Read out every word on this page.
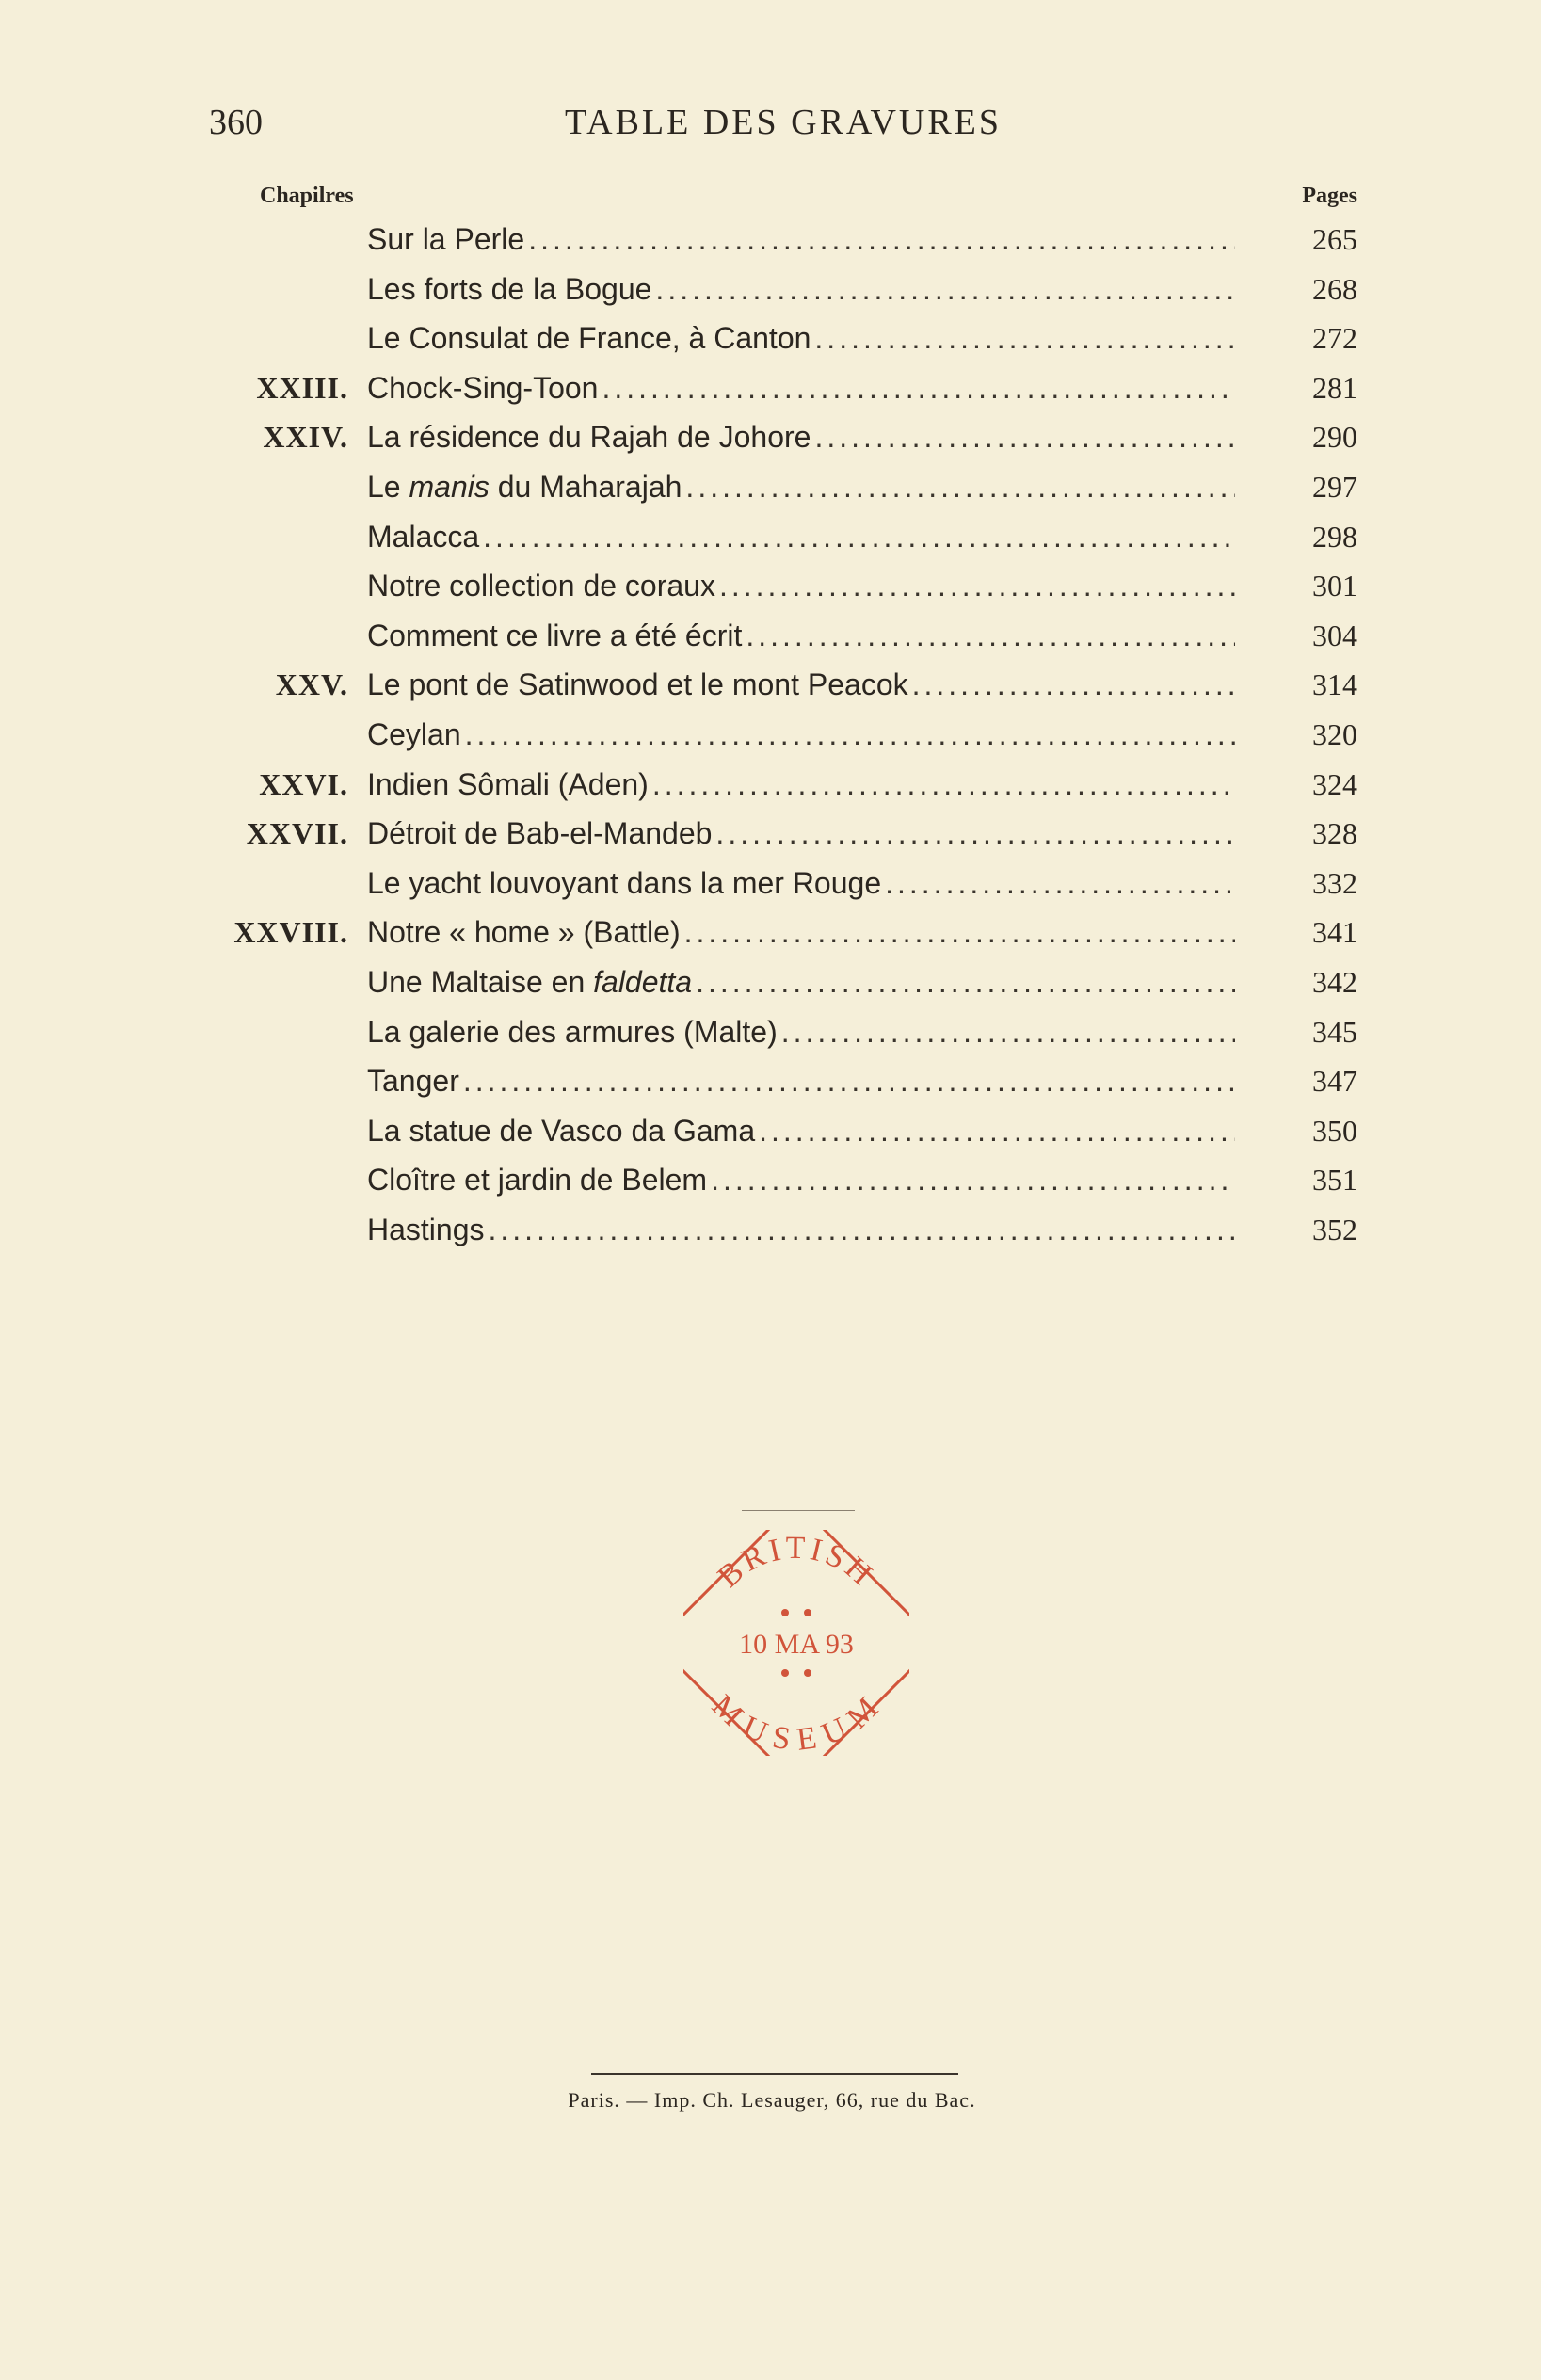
360	TABLE DES GRAVURES
Chapilres	Pages
Sur la Perle .....	265
Les forts de la Bogue .....	268
Le Consulat de France, à Canton .....	272
XXIII. Chock-Sing-Toon .....	281
XXIV. La résidence du Rajah de Johore .....	290
Le manis du Maharajah .....	297
Malacca .....	298
Notre collection de coraux .....	301
Comment ce livre a été écrit .....	304
XXV. Le pont de Satinwood et le mont Peacok .....	314
Ceylan .....	320
XXVI. Indien Sômali (Aden) .....	324
XXVII. Détroit de Bab-el-Mandeb .....	328
Le yacht louvoyant dans la mer Rouge .....	332
XXVIII. Notre « home » (Battle) .....	341
Une Maltaise en faldetta .....	342
La galerie des armures (Malte) .....	345
Tanger .....	347
La statue de Vasco da Gama .....	350
Cloître et jardin de Belem .....	351
Hastings .....	352
BRITISH
MUSEUM
10 MA 93
Paris. — Imp. Ch. Lesauger, 66, rue du Bac.
